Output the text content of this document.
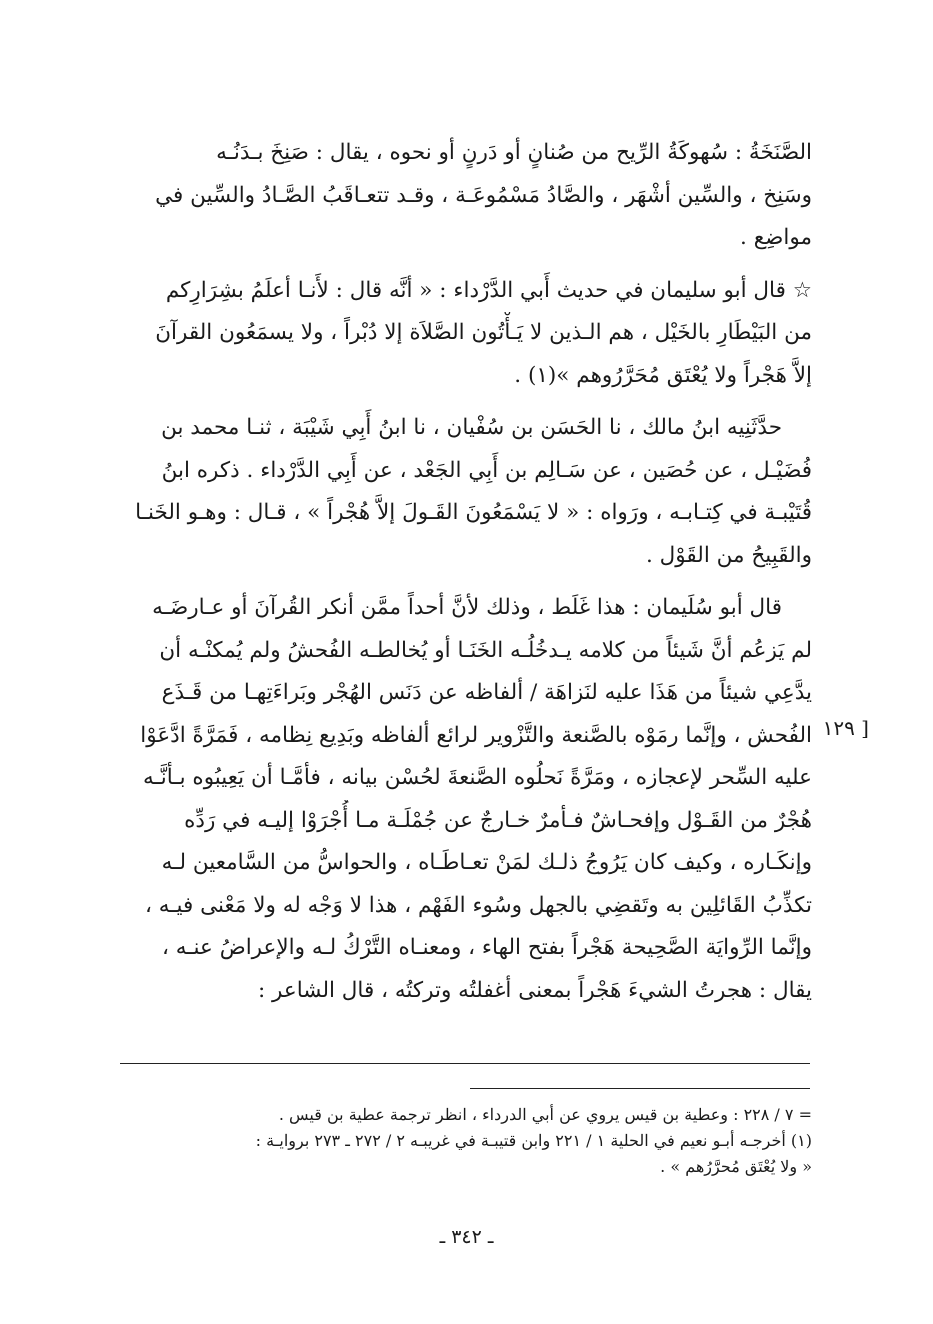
الصَّنَخَةُ : سُهوكَةُ الرِّيح من صُنانٍ أو دَرنٍ أو نحوه ، يقال : صَنِخَ بـدَنُـه
وسَنِخ ، والسِّين أشْهَر ، والصَّادُ مَسْمُوعَـة ، وقـد تتعـاقَبُ الصَّـادُ والسِّين في
مواضِع .
☆ قال أبو سليمان في حديث أَبي الدَّرْداء : « أنَّه قال : لأَنـا أعلَمُ بشِرَارِكم
من البَيْطَارِ بالخَيْل ، هم الـذين لا يَـأْتُون الصَّلاَة إلا دُبْراً ، ولا يسمَعُون القرآنَ
إلاَّ هَجْراً ولا يُعْتَق مُحَرَّرُوهم »(١) .
حدَّثَنِيه ابنُ مالك ، نا الحَسَن بن سُفْيان ، نا ابنُ أَبِي شَيْبَة ، ثنـا محمد بن
فُضَيْـل ، عن حُصَين ، عن سَـالِم بن أَبِي الجَعْد ، عن أَبِي الدَّرْداء . ذكره ابنُ
قُتَيْبـة في كِتـابـه ، ورَواه : « لا يَسْمَعُونَ القَـولَ إلاَّ هُجْراً » ، قـال : وهـو الخَنـا
والقَبِيحُ من القَوْل .
قال أبو سُلَيمان : هذا غَلَط ، وذلك لأنَّ أحداً ممَّن أنكر القُرآنَ أو عـارضَـه
لم يَزعُم أنَّ شَيئاً من كلامه يـدخُلُـه الخَنَـا أو يُخالطـه الفُحشُ ولم يُمكنْـه أن
يدَّعِي شيئاً من هَذَا عليه لنَزاهَة / ألفاظه عن دَنَس الهُجْر وبَراءَتِهـا من قَـذَع
الفُحش ، وإنَّما رمَوْه بالصَّنعة والتَّزْوير لرائع ألفاظه وبَدِيع نِظامه ، فَمَرَّةً ادَّعَوْا
عليه السِّحر لإعجازه ، ومَرَّةً نَحلُوه الصَّنعةَ لحُسْن بيانه ، فأمَّـا أن يَعِيبُوه بـأنَّـه
هُجْرٌ من القَـوْل وإفحـاشٌ فـأمرٌ خـارجٌ عن جُمْلَـة مـا أُجْرَوْا إليـه في رَدِّه
وإنكَـاره ، وكيف كان يَرُوجُ ذلـك لمَنْ تعـاطَـاه ، والحواسُّ من السَّامعين لـه
تكذِّبُ القَائلِين به وتَقضِي بالجهل وسُوء الفَهْم ، هذا لا وَجْه له ولا مَعْنى فيـه ،
وإنَّما الرِّوايَة الصَّحِيحة هَجْراً بفتح الهاء ، ومعنـاه التَّرْكُ لـه والإعراضُ عنـه ،
يقال : هجرتُ الشيءَ هَجْراً بمعنى أغفلتُه وتركتُه ، قال الشاعر :
[ ١٢٩

= ٧ / ٢٢٨ : وعطية بن قيس يروي عن أبي الدرداء ، انظر ترجمة عطية بن قيس .

(١) أخرجـه أبـو نعيم في الحلية ١ / ٢٢١ وابن قتيبـة في غريبـه ٢ / ٢٧٢ ـ ٢٧٣ بروايـة :

« ولا يُعْتَق مُحرَّرُهم » .

ـ ٣٤٢ ـ
